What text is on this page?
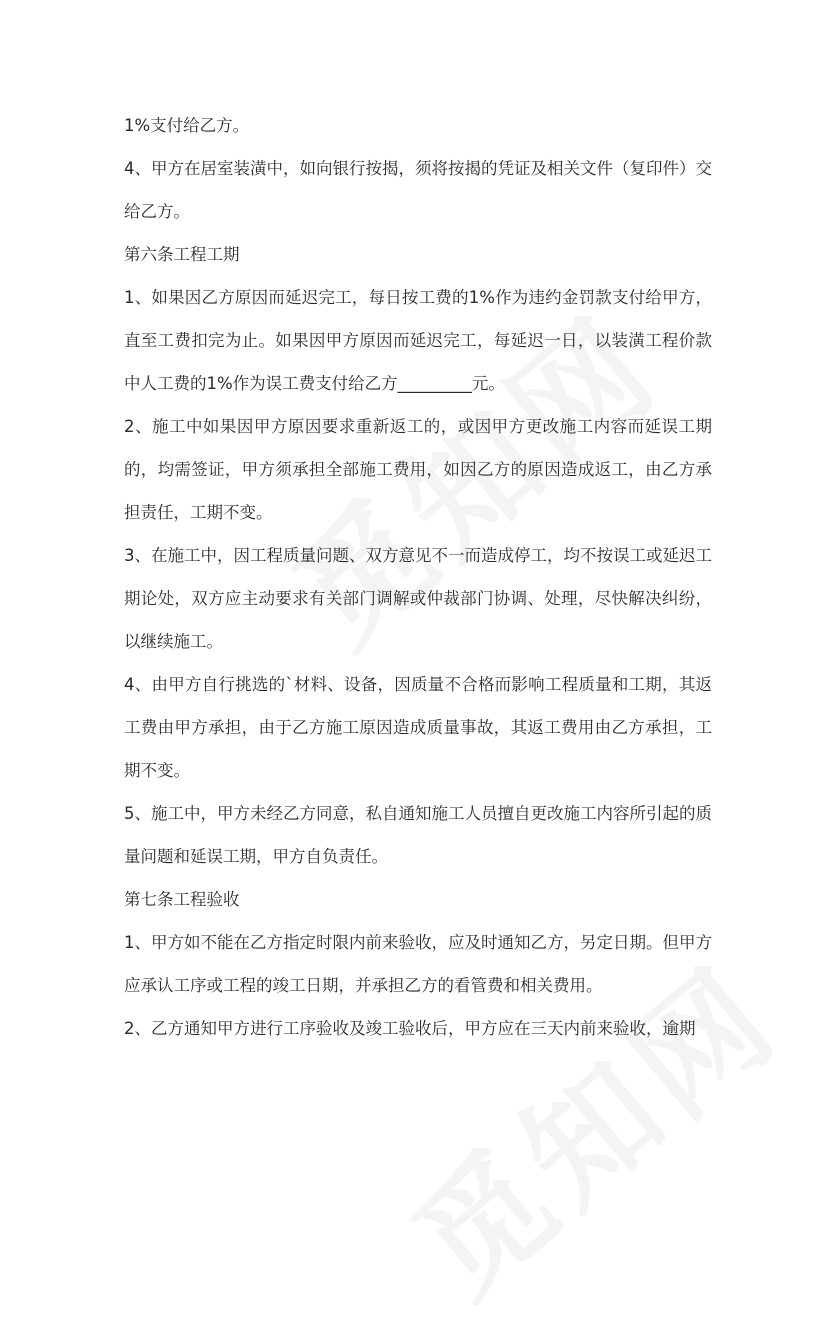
1%支付给乙方。

4、甲方在居室装潢中，如向银行按揭，须将按揭的凭证及相关文件（复印件）交给乙方。

第六条工程工期

1、如果因乙方原因而延迟完工，每日按工费的1%作为违约金罚款支付给甲方，直至工费扣完为止。如果因甲方原因而延迟完工，每延迟一日，以装潢工程价款中人工费的1%作为误工费支付给乙方_________元。

2、施工中如果因甲方原因要求重新返工的，或因甲方更改施工内容而延误工期的，均需签证，甲方须承担全部施工费用，如因乙方的原因造成返工，由乙方承担责任，工期不变。

3、在施工中，因工程质量问题、双方意见不一而造成停工，均不按误工或延迟工期论处，双方应主动要求有关部门调解或仲裁部门协调、处理，尽快解决纠纷，以继续施工。

4、由甲方自行挑选的`材料、设备，因质量不合格而影响工程质量和工期，其返工费由甲方承担，由于乙方施工原因造成质量事故，其返工费用由乙方承担，工期不变。

5、施工中，甲方未经乙方同意，私自通知施工人员擅自更改施工内容所引起的质量问题和延误工期，甲方自负责任。

第七条工程验收

1、甲方如不能在乙方指定时限内前来验收，应及时通知乙方，另定日期。但甲方应承认工序或工程的竣工日期，并承担乙方的看管费和相关费用。

2、乙方通知甲方进行工序验收及竣工验收后，甲方应在三天内前来验收，逾期
